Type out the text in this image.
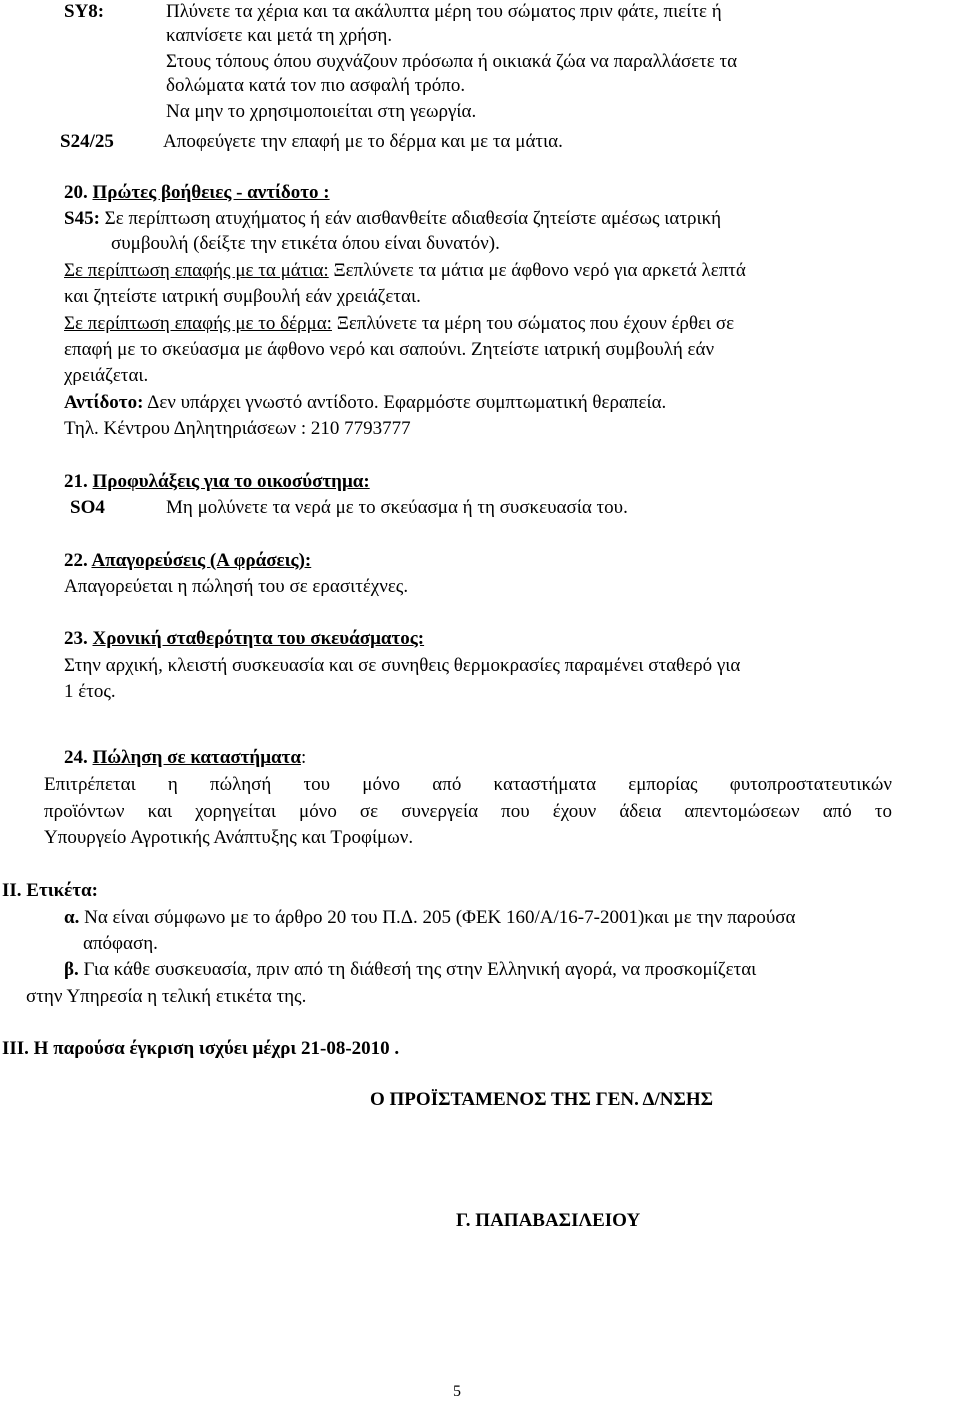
SY8:	Πλύνετε τα χέρια και τα ακάλυπτα μέρη του σώματος πριν φάτε, πιείτε ή
καπνίσετε και μετά τη χρήση.
Στους τόπους όπου συχνάζουν πρόσωπα ή οικιακά ζώα να παραλλάσετε τα
δολώματα κατά τον πιο ασφαλή τρόπο.
Να μην το χρησιμοποιείται στη γεωργία.
S24/25	Αποφεύγετε την επαφή με το δέρμα και με τα μάτια.
20. Πρώτες βοήθειες - αντίδοτο :
S45: Σε περίπτωση ατυχήματος ή εάν αισθανθείτε αδιαθεσία ζητείστε αμέσως ιατρική
συμβουλή (δείξτε την ετικέτα όπου είναι δυνατόν).
Σε περίπτωση επαφής με τα μάτια: Ξεπλύνετε τα μάτια με άφθονο νερό για αρκετά λεπτά
και ζητείστε ιατρική συμβουλή εάν χρειάζεται.
Σε περίπτωση επαφής με το δέρμα: Ξεπλύνετε τα μέρη του σώματος που έχουν έρθει σε
επαφή με το σκεύασμα με άφθονο νερό και σαπούνι. Ζητείστε ιατρική συμβουλή εάν
χρειάζεται.
Αντίδοτο: Δεν υπάρχει γνωστό αντίδοτο. Εφαρμόστε συμπτωματική θεραπεία.
Τηλ. Κέντρου Δηλητηριάσεων : 210 7793777
21. Προφυλάξεις για το οικοσύστημα:
SO4	Μη μολύνετε τα νερά με το σκεύασμα ή τη συσκευασία του.
22. Απαγορεύσεις (Α φράσεις):
Απαγορεύεται η πώλησή του σε ερασιτέχνες.
23. Χρονική σταθερότητα του σκευάσματος:
Στην αρχική, κλειστή συσκευασία και σε συνηθεις θερμοκρασίες παραμένει σταθερό για
1 έτος.
24. Πώληση σε καταστήματα:
Επιτρέπεται η πώλησή του μόνο από καταστήματα εμπορίας φυτοπροστατευτικών
προϊόντων και χορηγείται μόνο σε συνεργεία που έχουν άδεια απεντομώσεων από το
Υπουργείο Αγροτικής Ανάπτυξης και Τροφίμων.
ΙΙ. Ετικέτα:
α. Να είναι σύμφωνο με το άρθρο 20 του Π.Δ. 205 (ΦΕΚ 160/Α/16-7-2001)και με την παρούσα
απόφαση.
β. Για κάθε συσκευασία, πριν από τη διάθεσή της στην Ελληνική αγορά, να προσκομίζεται
στην Υπηρεσία η τελική ετικέτα της.
ΙΙΙ. Η παρούσα έγκριση ισχύει μέχρι 21-08-2010 .
Ο ΠΡΟΪΣΤΑΜΕΝΟΣ ΤΗΣ ΓΕΝ. Δ/ΝΣΗΣ
Γ. ΠΑΠΑΒΑΣΙΛΕΙΟΥ
5
